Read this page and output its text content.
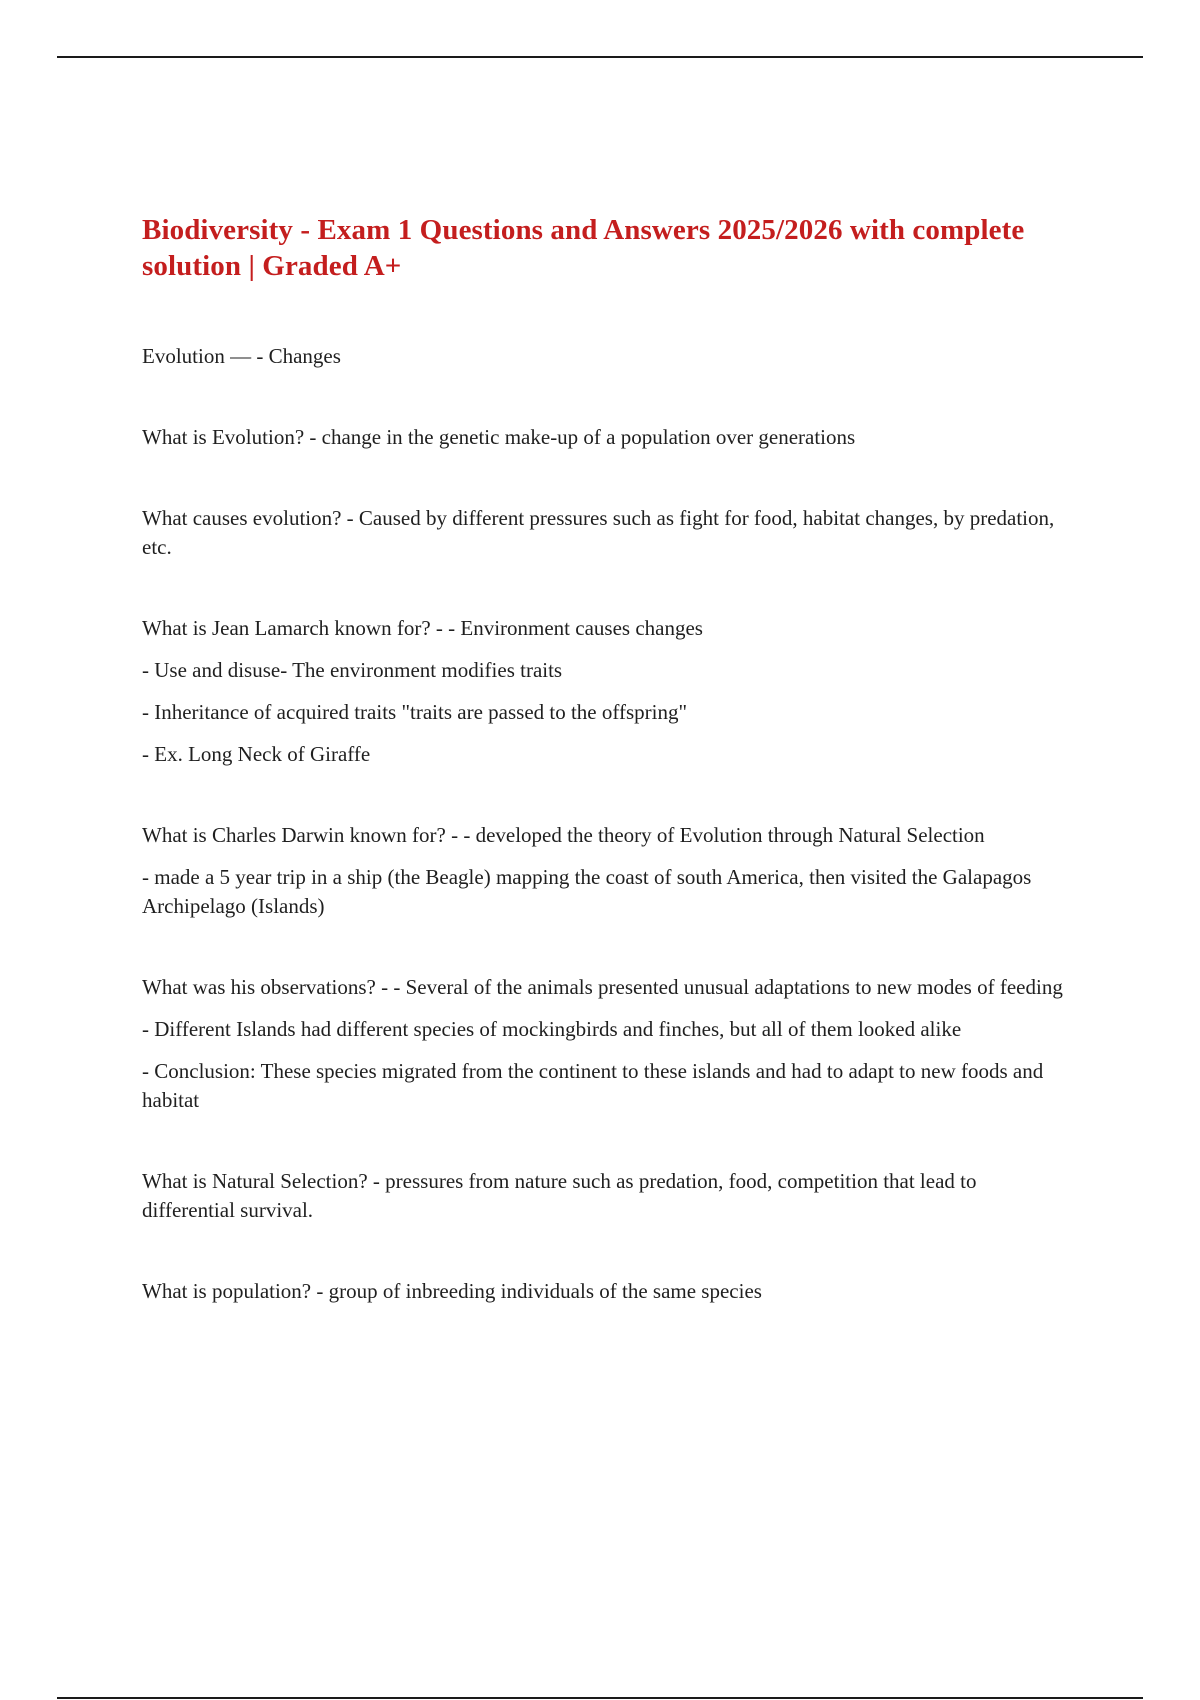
Biodiversity - Exam 1 Questions and Answers 2025/2026 with complete solution | Graded A+

Evolution — - Changes

What is Evolution? - change in the genetic make-up of a population over generations

What causes evolution? - Caused by different pressures such as fight for food, habitat changes, by predation, etc.

What is Jean Lamarch known for? - - Environment causes changes

- Use and disuse- The environment modifies traits

- Inheritance of acquired traits "traits are passed to the offspring"

- Ex. Long Neck of Giraffe

What is Charles Darwin known for? - - developed the theory of Evolution through Natural Selection

- made a 5 year trip in a ship (the Beagle) mapping the coast of south America, then visited the Galapagos Archipelago (Islands)

What was his observations? - - Several of the animals presented unusual adaptations to new modes of feeding

- Different Islands had different species of mockingbirds and finches, but all of them looked alike

- Conclusion: These species migrated from the continent to these islands and had to adapt to new foods and habitat

What is Natural Selection? - pressures from nature such as predation, food, competition that lead to differential survival.

What is population? - group of inbreeding individuals of the same species
